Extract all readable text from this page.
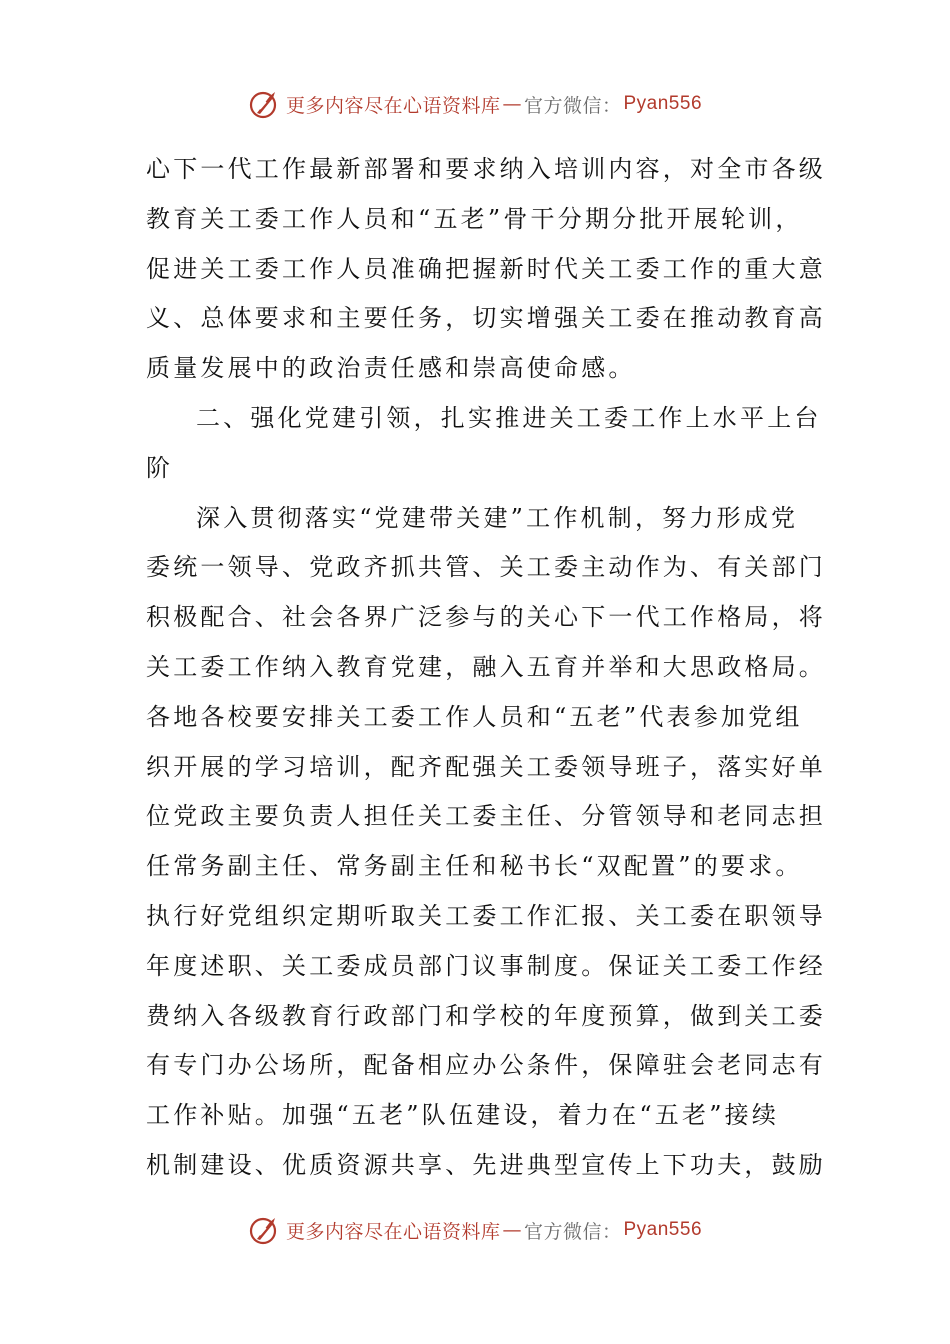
更多内容尽在心语资料库 — 官方微信： Pyan556
心下一代工作最新部署和要求纳入培训内容，对全市各级
教育关工委工作人员和“五老”骨干分期分批开展轮训，
促进关工委工作人员准确把握新时代关工委工作的重大意
义、总体要求和主要任务，切实增强关工委在推动教育高
质量发展中的政治责任感和崇高使命感。
二、强化党建引领，扎实推进关工委工作上水平上台
阶
深入贯彻落实“党建带关建”工作机制，努力形成党
委统一领导、党政齐抓共管、关工委主动作为、有关部门
积极配合、社会各界广泛参与的关心下一代工作格局，将
关工委工作纳入教育党建，融入五育并举和大思政格局。
各地各校要安排关工委工作人员和“五老”代表参加党组
织开展的学习培训，配齐配强关工委领导班子，落实好单
位党政主要负责人担任关工委主任、分管领导和老同志担
任常务副主任、常务副主任和秘书长“双配置”的要求。
执行好党组织定期听取关工委工作汇报、关工委在职领导
年度述职、关工委成员部门议事制度。保证关工委工作经
费纳入各级教育行政部门和学校的年度预算，做到关工委
有专门办公场所，配备相应办公条件，保障驻会老同志有
工作补贴。加强“五老”队伍建设，着力在“五老”接续
机制建设、优质资源共享、先进典型宣传上下功夫，鼓励
更多内容尽在心语资料库 — 官方微信： Pyan556
